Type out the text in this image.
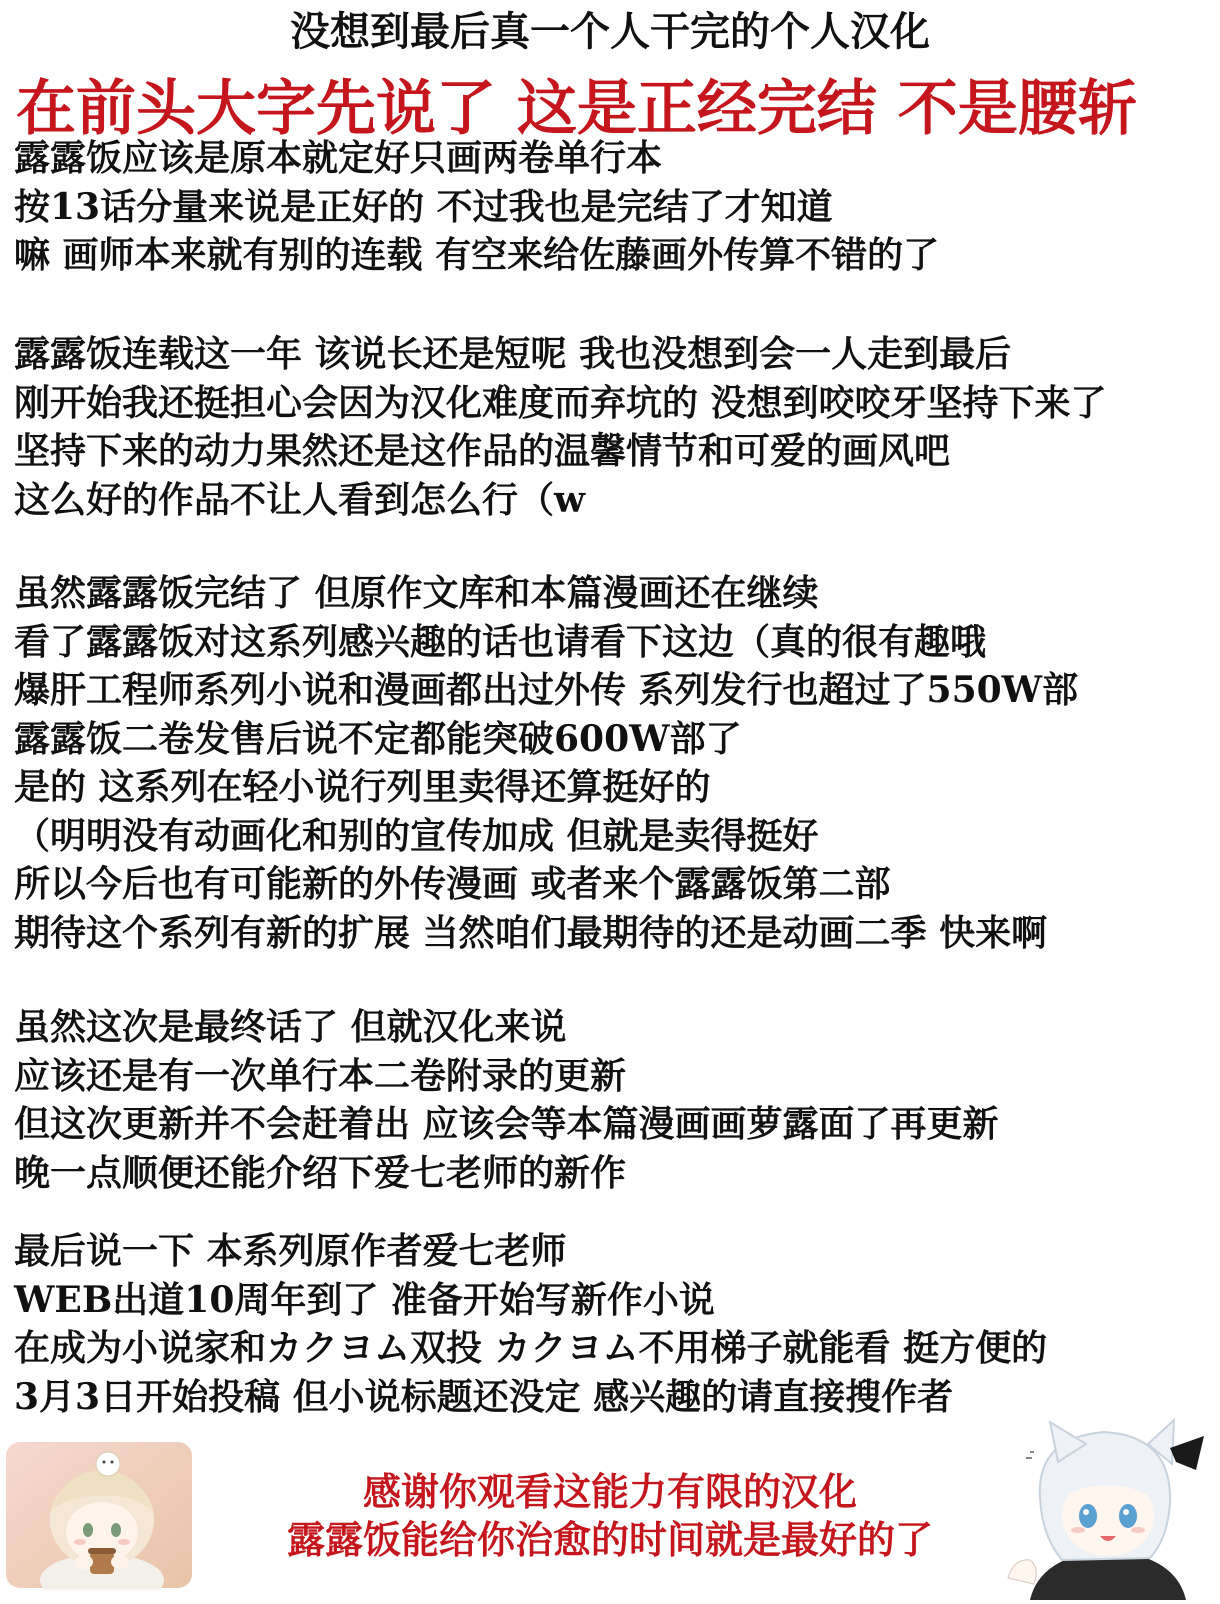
没想到最后真一个人干完的个人汉化
在前头大字先说了 这是正经完结 不是腰斩
露露饭应该是原本就定好只画两卷单行本
按13话分量来说是正好的 不过我也是完结了才知道
嘛 画师本来就有别的连载 有空来给佐藤画外传算不错的了
露露饭连载这一年 该说长还是短呢 我也没想到会一人走到最后
刚开始我还挺担心会因为汉化难度而弃坑的 没想到咬咬牙坚持下来了
坚持下来的动力果然还是这作品的温馨情节和可爱的画风吧
这么好的作品不让人看到怎么行（w
虽然露露饭完结了 但原作文库和本篇漫画还在继续
看了露露饭对这系列感兴趣的话也请看下这边（真的很有趣哦
爆肝工程师系列小说和漫画都出过外传 系列发行也超过了550W部
露露饭二卷发售后说不定都能突破600W部了
是的 这系列在轻小说行列里卖得还算挺好的
（明明没有动画化和别的宣传加成 但就是卖得挺好
所以今后也有可能新的外传漫画 或者来个露露饭第二部
期待这个系列有新的扩展 当然咱们最期待的还是动画二季 快来啊
虽然这次是最终话了 但就汉化来说
应该还是有一次单行本二卷附录的更新
但这次更新并不会赶着出 应该会等本篇漫画画萝露面了再更新
晚一点顺便还能介绍下爱七老师的新作
最后说一下 本系列原作者爱七老师
WEB出道10周年到了 准备开始写新作小说
在成为小说家和カクヨム双投 カクヨム不用梯子就能看 挺方便的
3月3日开始投稿 但小说标题还没定 感兴趣的请直接搜作者
感谢你观看这能力有限的汉化
露露饭能给你治愈的时间就是最好的了
